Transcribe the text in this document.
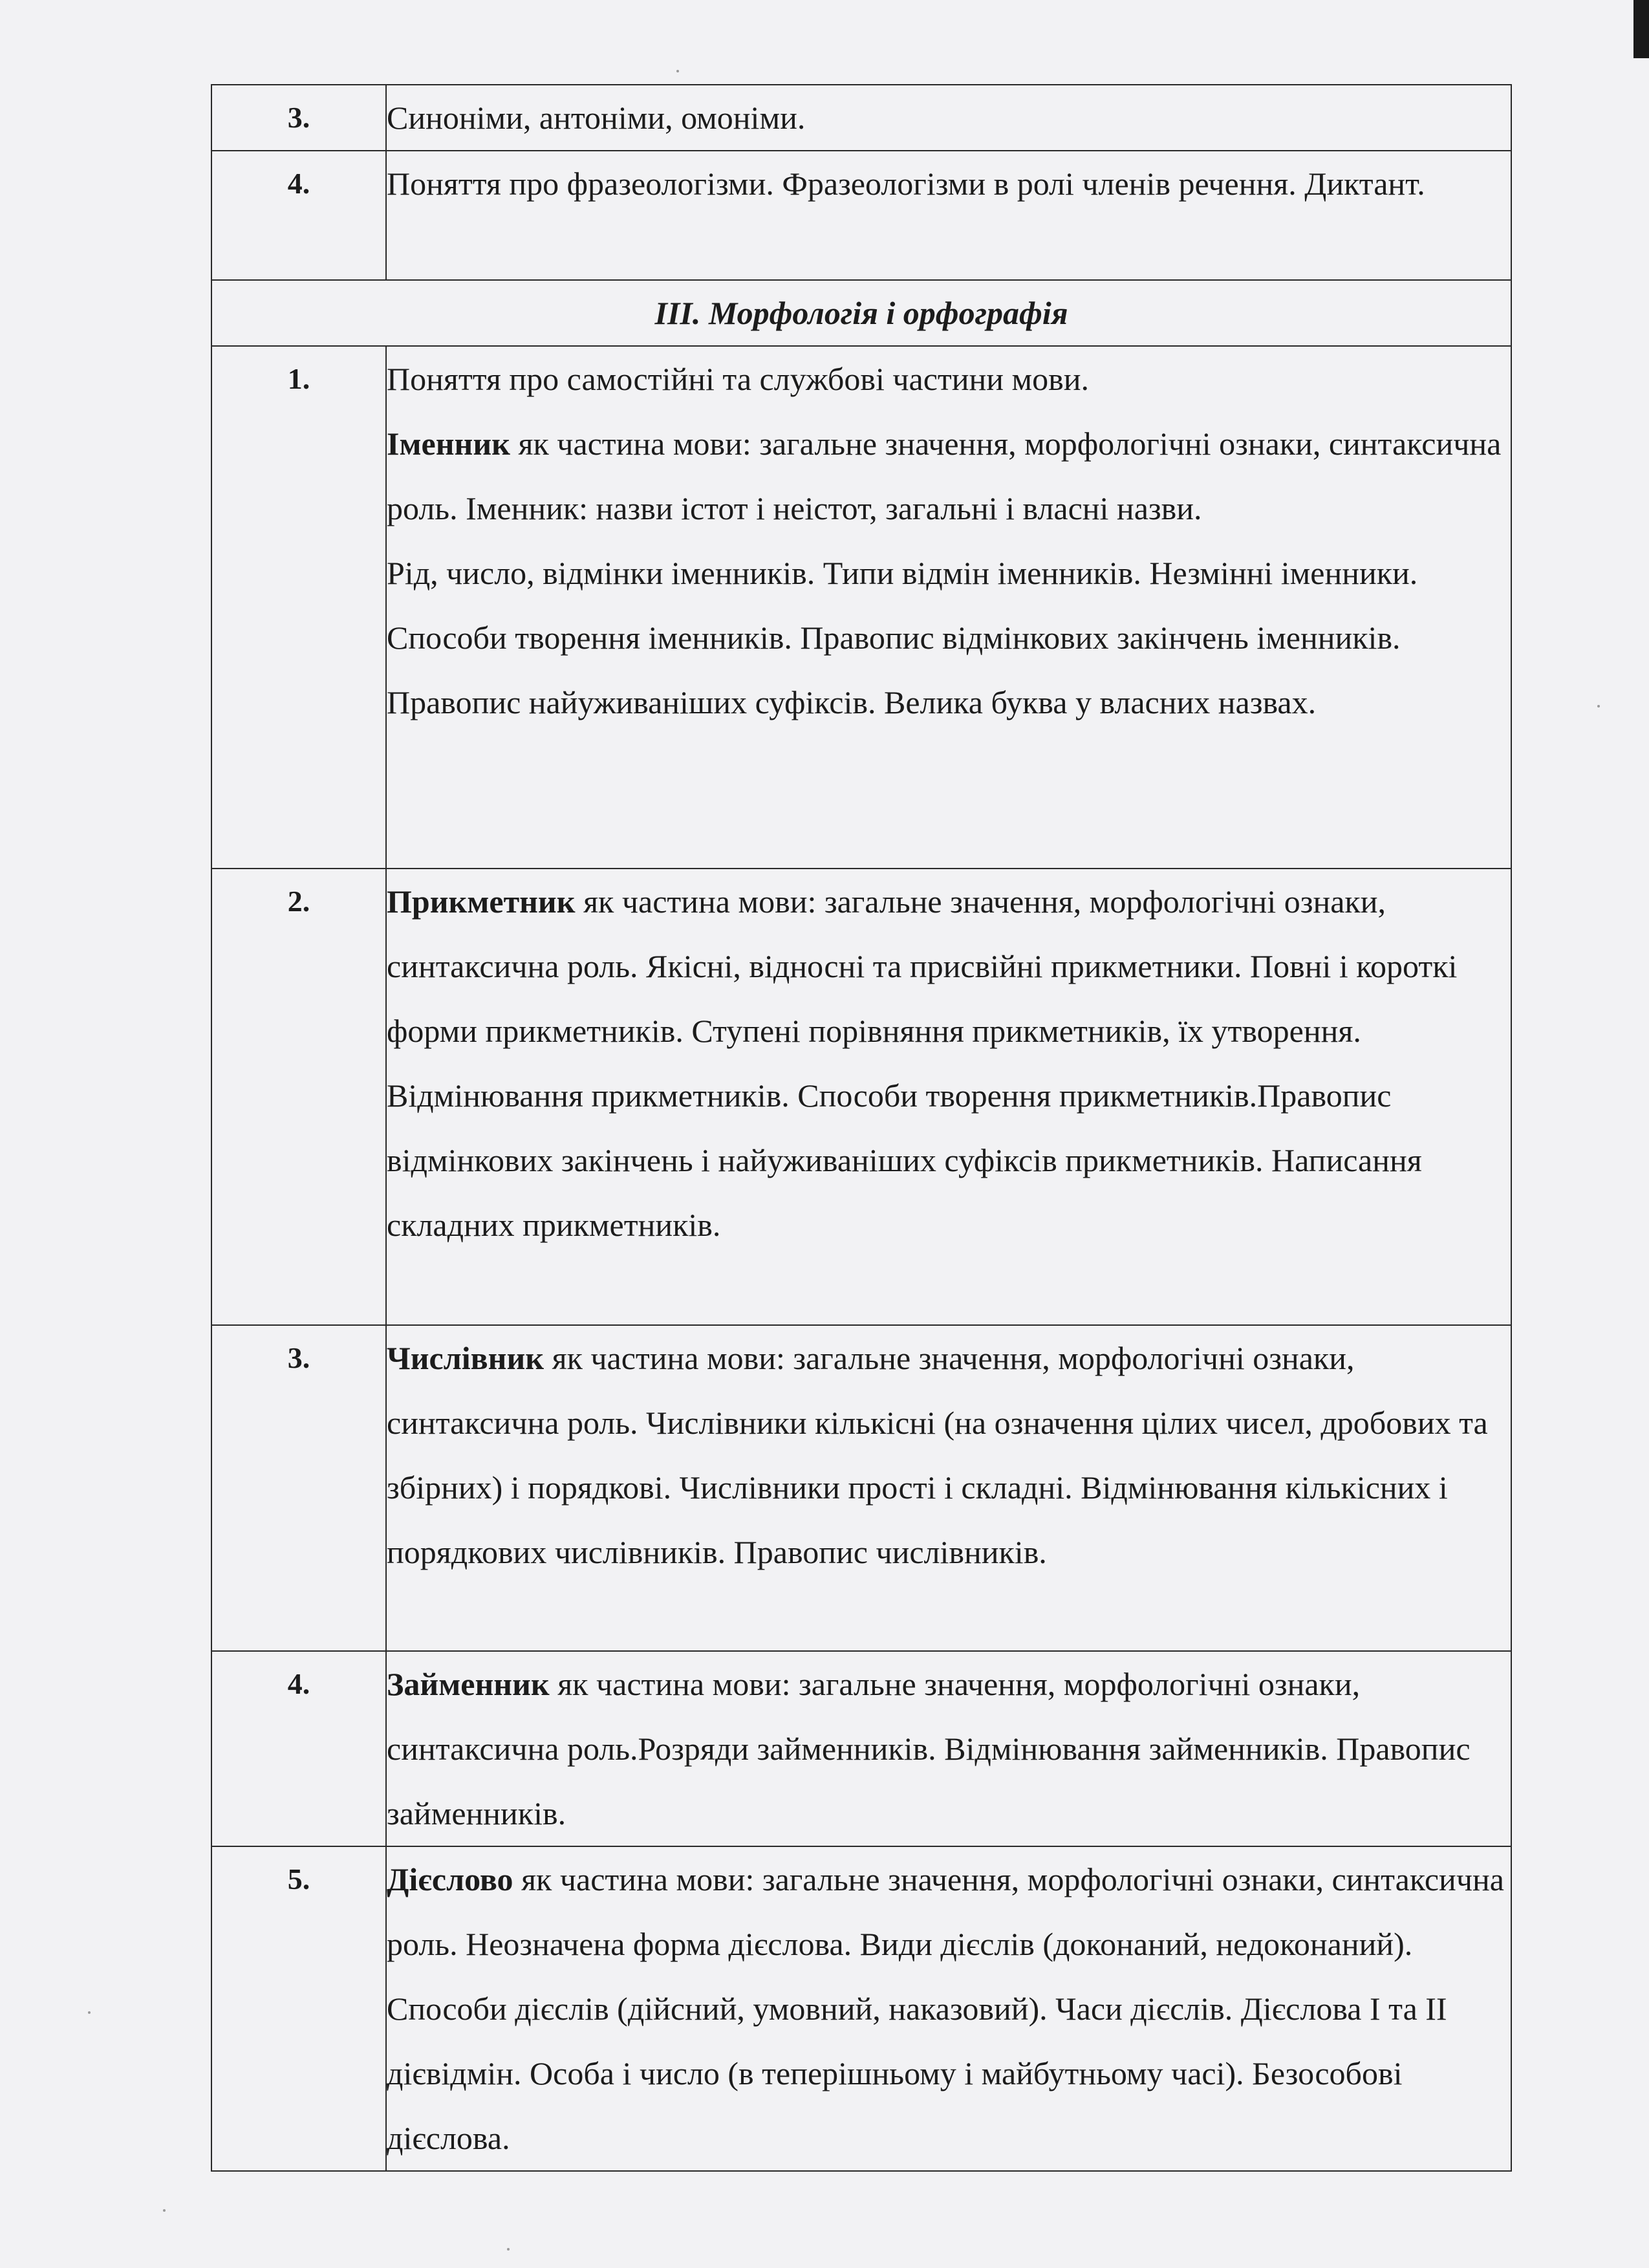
3.	Синоніми, антоніми, омоніми.

4.	Поняття про фразеологізми. Фразеологізми в ролі членів речення. Диктант.

III. Морфологія і орфографія	
1.	Поняття про самостійні та службові частини мови.

Іменник як частина мови: загальне значення, морфологічні ознаки, синтаксична роль. Іменник: назви істот і неістот, загальні і власні назви.

Рід, число, відмінки іменників. Типи відмін іменників. Незмінні іменники. Способи творення іменників. Правопис відмінкових закінчень іменників. Правопис найуживаніших суфіксів. Велика буква у власних назвах.

2.	Прикметник як частина мови: загальне значення, морфологічні ознаки, синтаксична роль. Якісні, відносні та присвійні прикметники. Повні і короткі форми прикметників. Ступені порівняння прикметників, їх утворення. Відмінювання прикметників. Способи творення прикметників.Правопис відмінкових закінчень і найуживаніших суфіксів прикметників. Написання складних прикметників.

3.	Числівник як частина мови: загальне значення, морфологічні ознаки, синтаксична роль. Числівники кількісні (на означення цілих чисел, дробових та збірних) і порядкові. Числівники прості і складні. Відмінювання кількісних і порядкових числівників. Правопис числівників.

4.	Займенник як частина мови: загальне значення, морфологічні ознаки, синтаксична роль.Розряди займенників. Відмінювання займенників. Правопис займенників.

5.	Дієслово як частина мови: загальне значення, морфологічні ознаки, синтаксична роль. Неозначена форма дієслова. Види дієслів (доконаний, недоконаний). Способи дієслів (дійсний, умовний, наказовий). Часи дієслів. Дієслова І та ІІ дієвідмін. Особа і число (в теперішньому і майбутньому часі). Безособові дієслова.
